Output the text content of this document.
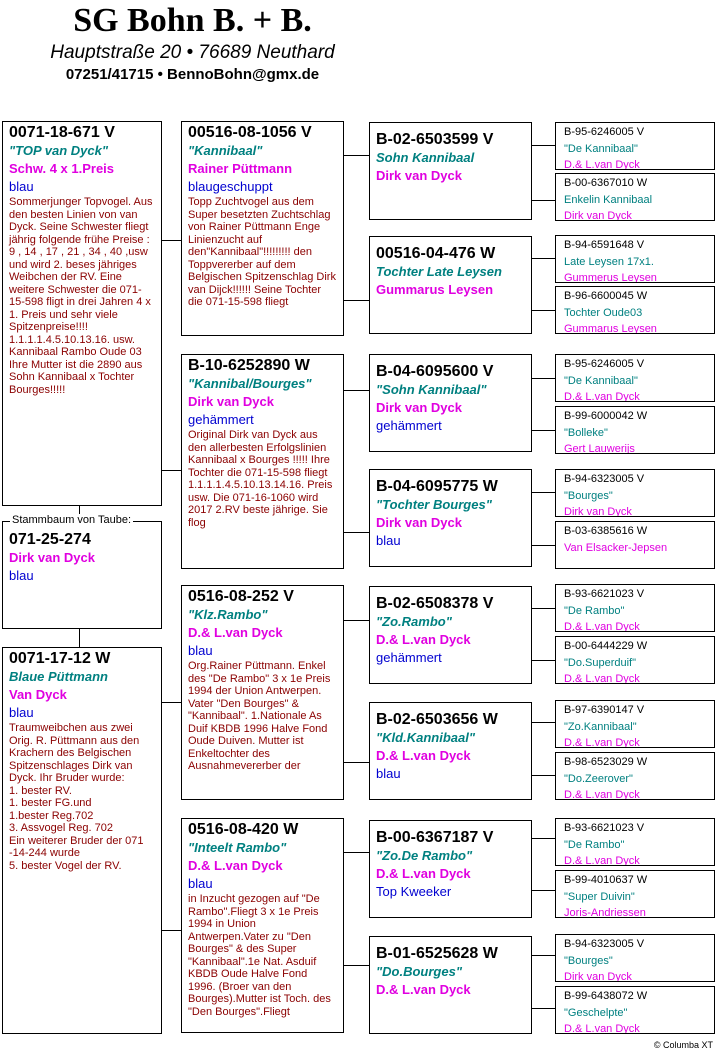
SG Bohn B. + B.
Hauptstraße 20 • 76689 Neuthard
07251/41715 • BennoBohn@gmx.de
0071-18-671 V
"TOP van Dyck"
Schw. 4 x 1.Preis
blau
Sommerjunger Topvogel. Aus den besten Linien von van Dyck. Seine Schwester fliegt jährig folgende frühe Preise : 9 , 14 , 17 , 21 , 34 , 40 ,usw und wird 2. beses jähriges Weibchen der RV. Eine weitere Schwester die 071-15-598 fligt in drei Jahren 4 x 1. Preis und sehr viele Spitzenpreise!!!! 1.1.1.1.4.5.10.13.16. usw. Kannibaal Rambo Oude 03 Ihre Mutter ist die 2890 aus Sohn Kannibaal x Tochter Bourges!!!!!
071-25-274
Dirk van Dyck
blau
Stammbaum von Taube:
0071-17-12 W
Blaue Püttmann
Van Dyck
blau
Traumweibchen aus zwei Orig. R. Püttmann aus den Krachern des Belgischen Spitzenschlages Dirk van Dyck. Ihr Bruder wurde:
1. bester RV.
1. bester FG.und
1.bester Reg.702
3. Assvogel Reg. 702
Ein weiterer Bruder der 071 -14-244 wurde
5. bester Vogel der RV.
00516-08-1056 V
"Kannibaal"
Rainer Püttmann
blaugeschuppt
Topp Zuchtvogel aus dem Super besetzten Zuchtschlag von Rainer Püttmann Enge Linienzucht auf den"Kannibaal"!!!!!!!!! den Toppvererber auf dem Belgischen Spitzenschlag Dirk van Dijck!!!!!! Seine Tochter die 071-15-598 fliegt
B-10-6252890 W
"Kannibal/Bourges"
Dirk van Dyck
gehämmert
Original Dirk van Dyck aus den allerbesten Erfolgslinien Kannibaal x Bourges !!!!! Ihre Tochter die 071-15-598 fliegt 1.1.1.1.4.5.10.13.14.16. Preis usw. Die 071-16-1060 wird 2017 2.RV beste jährige. Sie flog
0516-08-252 V
"Klz.Rambo"
D.& L.van Dyck
blau
Org.Rainer Püttmann. Enkel des "De Rambo" 3 x 1e Preis 1994 der Union Antwerpen. Vater "Den Bourges" & "Kannibaal". 1.Nationale As Duif KBDB 1996 Halve Fond Oude Duiven. Mutter ist Enkeltochter des Ausnahmevererber der
0516-08-420 W
"Inteelt Rambo"
D.& L.van Dyck
blau
in Inzucht gezogen auf "De Rambo".Fliegt 3 x 1e Preis 1994 in Union Antwerpen.Vater zu "Den Bourges" & des Super "Kannibaal".1e Nat. Asduif KBDB Oude Halve Fond 1996. (Broer van den Bourges).Mutter ist Toch. des "Den Bourges".Fliegt
B-02-6503599 V
Sohn Kannibaal
Dirk van Dyck
00516-04-476 W
Tochter Late Leysen
Gummarus Leysen
B-04-6095600 V
"Sohn Kannibaal"
Dirk van Dyck
gehämmert
B-04-6095775 W
"Tochter Bourges"
Dirk van Dyck
blau
B-02-6508378 V
"Zo.Rambo"
D.& L.van Dyck
gehämmert
B-02-6503656 W
"Kld.Kannibaal"
D.& L.van Dyck
blau
B-00-6367187 V
"Zo.De Rambo"
D.& L.van Dyck
Top Kweeker
B-01-6525628 W
"Do.Bourges"
D.& L.van Dyck
B-95-6246005 V
"De Kannibaal"
D.& L.van Dyck
B-00-6367010 W
Enkelin Kannibaal
Dirk van Dyck
B-94-6591648 V
Late Leysen 17x1.
Gummerus Leysen
B-96-6600045 W
Tochter Oude03
Gummarus Leysen
B-95-6246005 V
"De Kannibaal"
D.& L.van Dyck
B-99-6000042 W
"Bolleke"
Gert Lauwerijs
B-94-6323005 V
"Bourges"
Dirk van Dyck
B-03-6385616 W
Van Elsacker-Jepsen
B-93-6621023 V
"De Rambo"
D.& L.van Dyck
B-00-6444229 W
"Do.Superduif"
D.& L.van Dyck
B-97-6390147 V
"Zo.Kannibaal"
D.& L.van Dyck
B-98-6523029 W
"Do.Zeerover"
D.& L.van Dyck
B-93-6621023 V
"De Rambo"
D.& L.van Dyck
B-99-4010637 W
"Super Duivin"
Joris-Andriessen
B-94-6323005 V
"Bourges"
Dirk van Dyck
B-99-6438072 W
"Geschelpte"
D.& L.van Dyck
© Columba XT
